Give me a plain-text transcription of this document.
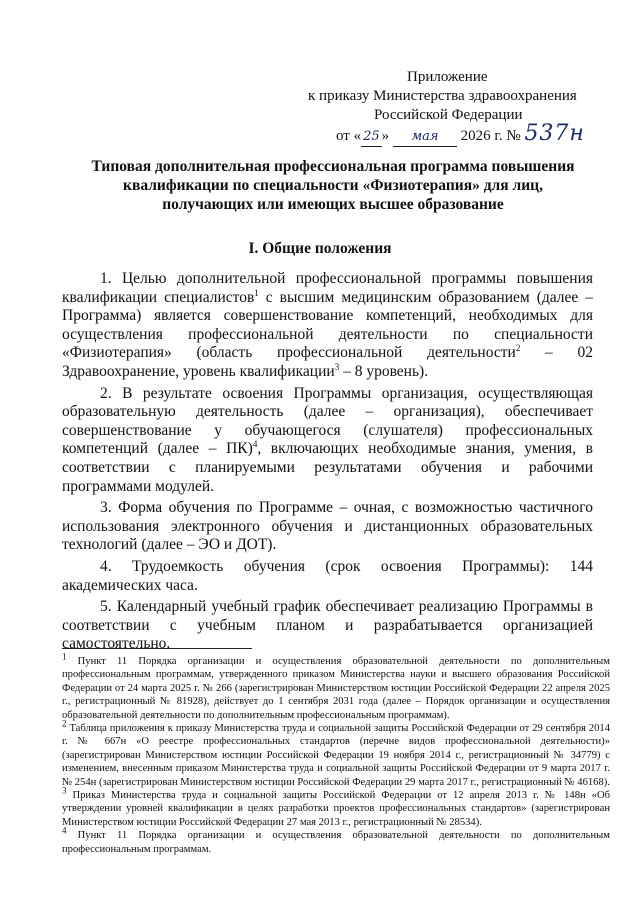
Приложение
к приказу Министерства здравоохранения
Российской Федерации
от « 25 » мая 2026 г. № 537н
Типовая дополнительная профессиональная программа повышения квалификации по специальности «Физиотерапия» для лиц, получающих или имеющих высшее образование
I. Общие положения

1. Целью дополнительной профессиональной программы повышения квалификации специалистов$^1$ с высшим медицинским образованием (далее – Программа) является совершенствование компетенций, необходимых для осуществления профессиональной деятельности по специальности «Физиотерапия» (область профессиональной деятельности$^2$ – 02 Здравоохранение, уровень квалификации$^3$ – 8 уровень).

2. В результате освоения Программы организация, осуществляющая образовательную деятельность (далее – организация), обеспечивает совершенствование у обучающегося (слушателя) профессиональных компетенций (далее – ПК)$^4$, включающих необходимые знания, умения, в соответствии с планируемыми результатами обучения и рабочими программами модулей.

3. Форма обучения по Программе – очная, с возможностью частичного использования электронного обучения и дистанционных образовательных технологий (далее – ЭО и ДОТ).

4. Трудоемкость обучения (срок освоения Программы): 144 академических часа.

5. Календарный учебный график обеспечивает реализацию Программы в соответствии с учебным планом и разрабатывается организацией самостоятельно.

$^1$ Пункт 11 Порядка организации и осуществления образовательной деятельности по дополнительным профессиональным программам, утвержденного приказом Министерства науки и высшего образования Российской Федерации от 24 марта 2025 г. № 266 (зарегистрирован Министерством юстиции Российской Федерации 22 апреля 2025 г., регистрационный № 81928), действует до 1 сентября 2031 года (далее – Порядок организации и осуществления образовательной деятельности по дополнительным профессиональным программам).

$^2$ Таблица приложения к приказу Министерства труда и социальной защиты Российской Федерации от 29 сентября 2014 г. № 667н «О реестре профессиональных стандартов (перечне видов профессиональной деятельности)» (зарегистрирован Министерством юстиции Российской Федерации 19 ноября 2014 г., регистрационный № 34779) с изменением, внесенным приказом Министерства труда и социальной защиты Российской Федерации от 9 марта 2017 г. № 254н (зарегистрирован Министерством юстиции Российской Федерации 29 марта 2017 г., регистрационный № 46168).

$^3$ Приказ Министерства труда и социальной защиты Российской Федерации от 12 апреля 2013 г. № 148н «Об утверждении уровней квалификации в целях разработки проектов профессиональных стандартов» (зарегистрирован Министерством юстиции Российской Федерации 27 мая 2013 г., регистрационный № 28534).

$^4$ Пункт 11 Порядка организации и осуществления образовательной деятельности по дополнительным профессиональным программам.
